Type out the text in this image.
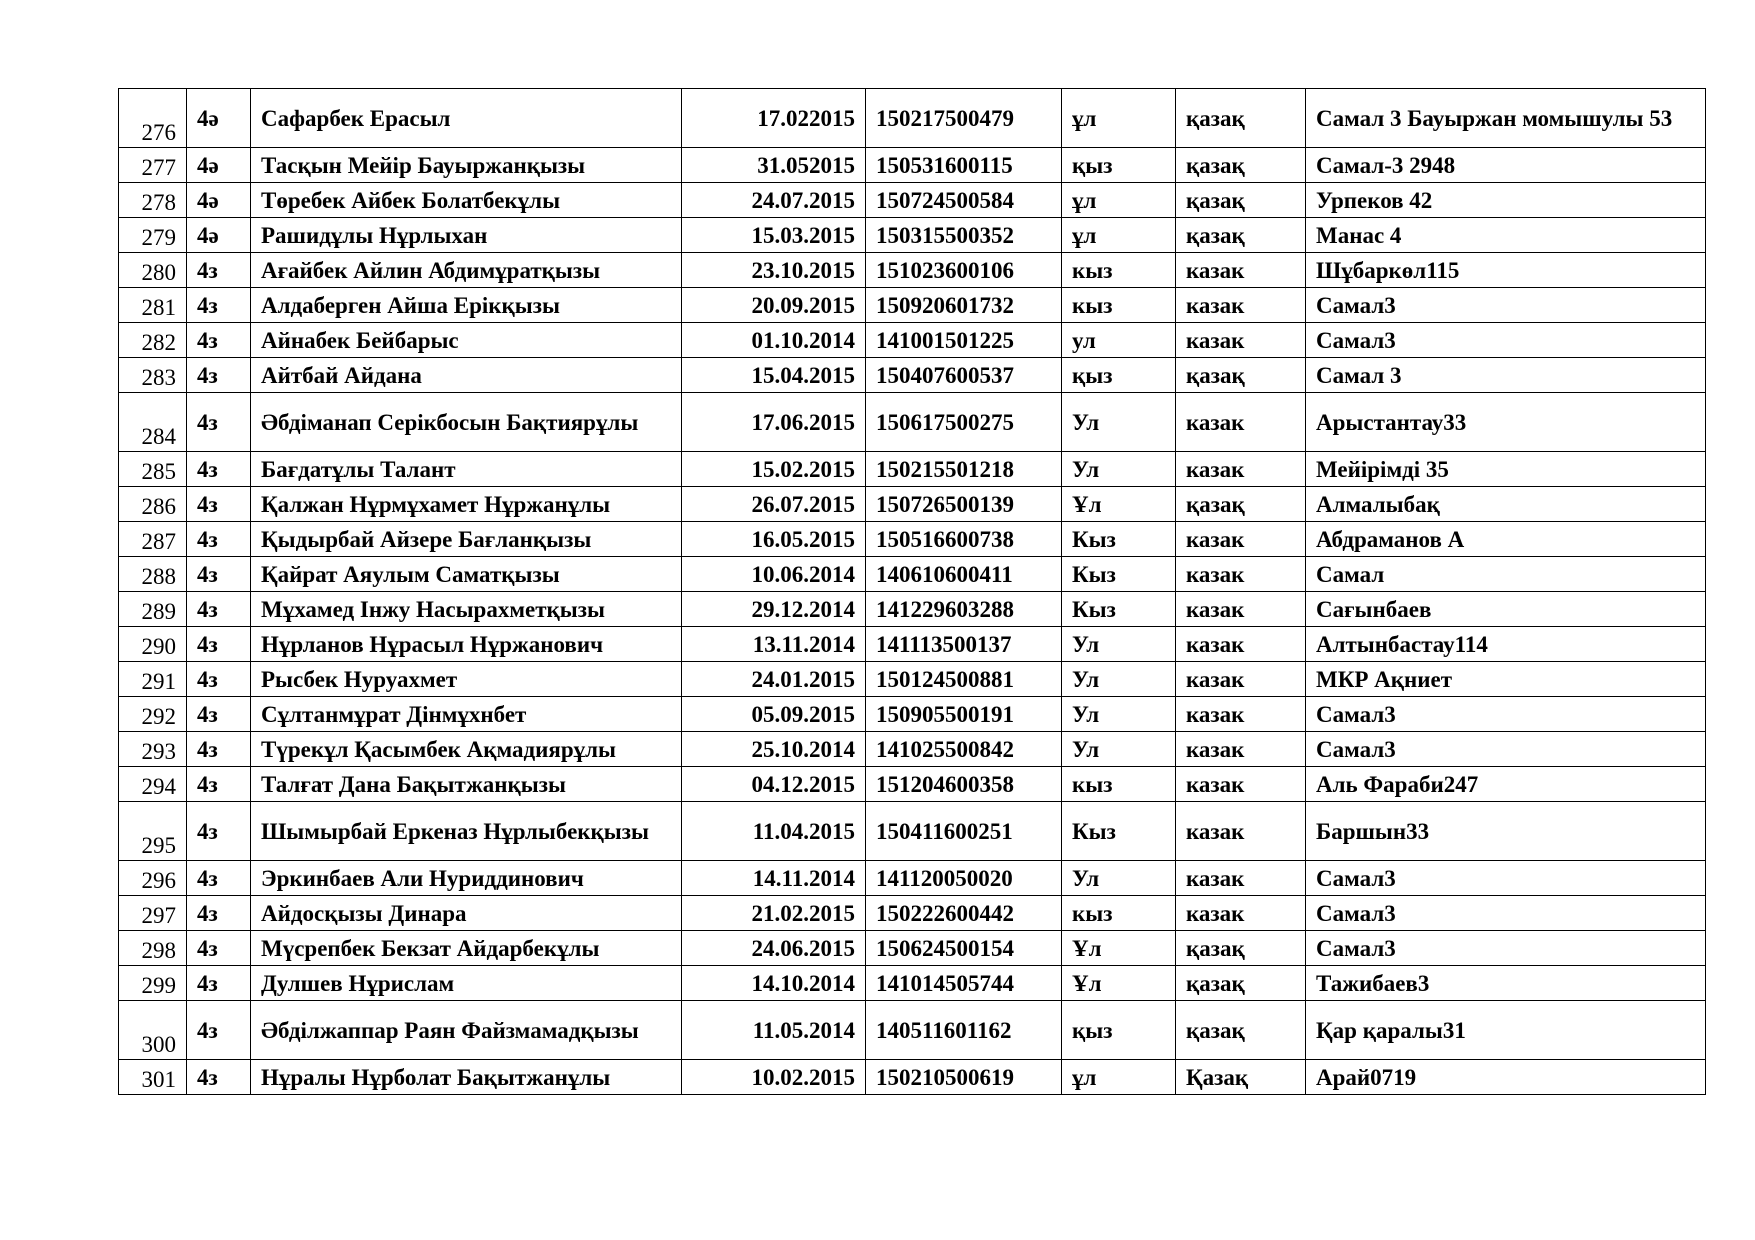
276	4ә	Сафарбек Ерасыл	17.022015	150217500479	ұл	қазақ	Самал 3 Бауыржан момышулы 53
277	4ә	Тасқын Мейір Бауыржанқызы	31.052015	150531600115	қыз	қазақ	Самал-3 2948
278	4ә	Төребек Айбек Болатбекұлы	24.07.2015	150724500584	ұл	қазақ	Урпеков 42
279	4ә	Рашидұлы Нұрлыхан	15.03.2015	150315500352	ұл	қазақ	Манас 4
280	4з	Ағайбек Айлин Абдимұратқызы	23.10.2015	151023600106	кыз	казак	Шұбаркөл115
281	4з	Алдаберген Айша Ерікқызы	20.09.2015	150920601732	кыз	казак	Самал3
282	4з	Айнабек Бейбарыс	01.10.2014	141001501225	ул	казак	Самал3
283	4з	Айтбай Айдана	15.04.2015	150407600537	қыз	қазақ	Самал 3
284	4з	Әбдіманап Серікбосын Бақтиярұлы	17.06.2015	150617500275	Ул	казак	Арыстантау33
285	4з	Бағдатұлы Талант	15.02.2015	150215501218	Ул	казак	Мейірімді 35
286	4з	Қалжан Нұрмұхамет Нұржанұлы	26.07.2015	150726500139	Ұл	қазақ	Алмалыбақ
287	4з	Қыдырбай Айзере Бағланқызы	16.05.2015	150516600738	Кыз	казак	Абдраманов А
288	4з	Қайрат Аяулым Саматқызы	10.06.2014	140610600411	Кыз	казак	Самал
289	4з	Мұхамед Інжу Насырахметқызы	29.12.2014	141229603288	Кыз	казак	Сағынбаев
290	4з	Нұрланов Нұрасыл Нұржанович	13.11.2014	141113500137	Ул	казак	Алтынбастау114
291	4з	Рысбек Нуруахмет	24.01.2015	150124500881	Ул	казак	МКР Ақниет
292	4з	Сұлтанмұрат Дінмұхнбет	05.09.2015	150905500191	Ул	казак	Самал3
293	4з	Түрекұл Қасымбек Ақмадиярұлы	25.10.2014	141025500842	Ул	казак	Самал3
294	4з	Талғат Дана Бақытжанқызы	04.12.2015	151204600358	кыз	казак	Аль Фараби247
295	4з	Шымырбай Еркеназ Нұрлыбекқызы	11.04.2015	150411600251	Кыз	казак	Баршын33
296	4з	Эркинбаев Али Нуриддинович	14.11.2014	141120050020	Ул	казак	Самал3
297	4з	Айдосқызы Динара	21.02.2015	150222600442	кыз	казак	Самал3
298	4з	Мүсрепбек Бекзат Айдарбекұлы	24.06.2015	150624500154	Ұл	қазақ	Самал3
299	4з	Дулшев Нұрислам	14.10.2014	141014505744	Ұл	қазақ	Тажибаев3
300	4з	Әбділжаппар Раян Файзмамадқызы	11.05.2014	140511601162	қыз	қазақ	Қар қаралы31
301	4з	Нұралы Нұрболат Бақытжанұлы	10.02.2015	150210500619	ұл	Қазақ	Арай0719
